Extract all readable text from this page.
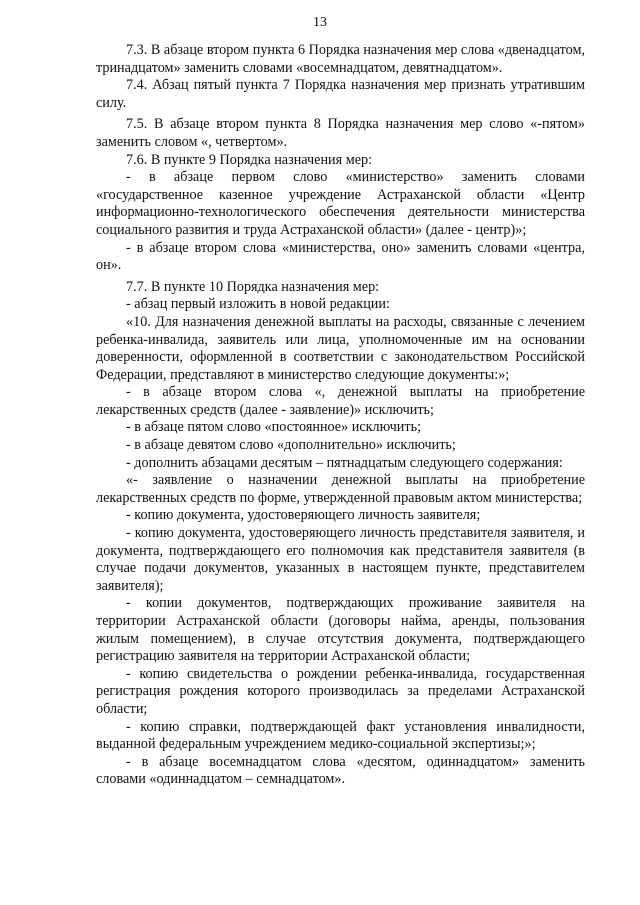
13

7.3. В абзаце втором пункта 6 Порядка назначения мер слова «двенадцатом, тринадцатом» заменить словами «восемнадцатом, девятнадцатом».

7.4. Абзац пятый пункта 7 Порядка назначения мер признать утратившим силу.

7.5. В абзаце втором пункта 8 Порядка назначения мер слово «-пятом» заменить словом «, четвертом».

7.6. В пункте 9 Порядка назначения мер:

- в абзаце первом слово «министерство» заменить словами «государственное казенное учреждение Астраханской области «Центр информационно-технологического обеспечения деятельности министерства социального развития и труда Астраханской области» (далее - центр)»;

- в абзаце втором слова «министерства, оно» заменить словами «центра, он».

7.7. В пункте 10 Порядка назначения мер:

- абзац первый изложить в новой редакции:

«10. Для назначения денежной выплаты на расходы, связанные с лечением ребенка-инвалида, заявитель или лица, уполномоченные им на основании доверенности, оформленной в соответствии с законодательством Российской Федерации, представляют в министерство следующие документы:»;

- в абзаце втором слова «, денежной выплаты на приобретение лекарственных средств (далее - заявление)» исключить;

- в абзаце пятом слово «постоянное» исключить;

- в абзаце девятом слово «дополнительно» исключить;

- дополнить абзацами десятым – пятнадцатым следующего содержания:

«- заявление о назначении денежной выплаты на приобретение лекарственных средств по форме, утвержденной правовым актом министерства;

- копию документа, удостоверяющего личность заявителя;

- копию документа, удостоверяющего личность представителя заявителя, и документа, подтверждающего его полномочия как представителя заявителя (в случае подачи документов, указанных в настоящем пункте, представителем заявителя);

- копии документов, подтверждающих проживание заявителя на территории Астраханской области (договоры найма, аренды, пользования жилым помещением), в случае отсутствия документа, подтверждающего регистрацию заявителя на территории Астраханской области;

- копию свидетельства о рождении ребенка-инвалида, государственная регистрация рождения которого производилась за пределами Астраханской области;

- копию справки, подтверждающей факт установления инвалидности, выданной федеральным учреждением медико-социальной экспертизы;»;

- в абзаце восемнадцатом слова «десятом, одиннадцатом» заменить словами «одиннадцатом – семнадцатом».
